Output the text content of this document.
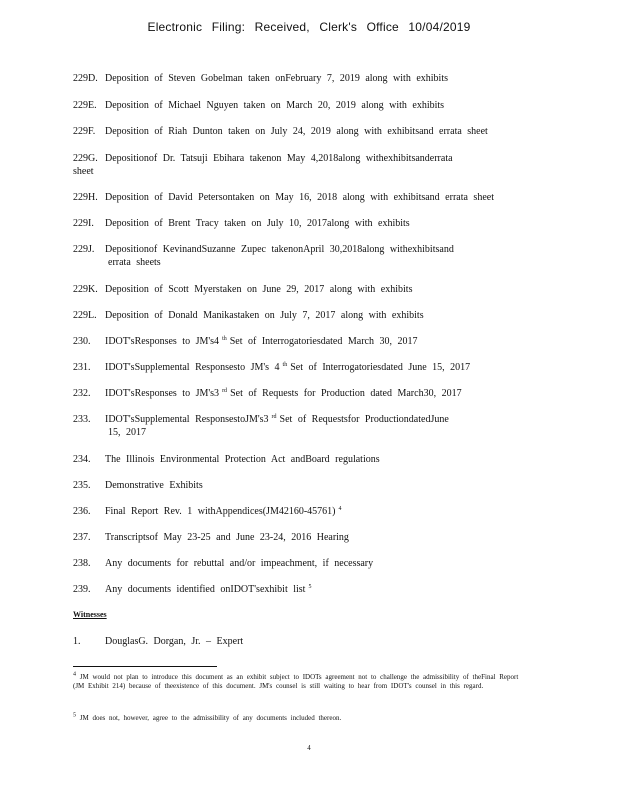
Electronic Filing: Received, Clerk's Office 10/04/2019
229D. Deposition of Steven Gobelman taken onFebruary 7, 2019 along with exhibits
229E. Deposition of Michael Nguyen taken on March 20, 2019 along with exhibits
229F. Deposition of Riah Dunton taken on July 24, 2019 along with exhibitsand errata sheet
229G. Depositionof Dr. Tatsuji Ebihara takenon May 4,2018along withexhibitsanderrata
sheet
229H. Deposition of David Petersontaken on May 16, 2018 along with exhibitsand errata sheet
229I. Deposition of Brent Tracy taken on July 10, 2017along with exhibits
229J. Depositionof KevinandSuzanne Zupec takenonApril 30,2018along withexhibitsand
errata sheets
229K. Deposition of Scott Myerstaken on June 29, 2017 along with exhibits
229L. Deposition of Donald Manikastaken on July 7, 2017 along with exhibits
230. IDOT'sResponses to JM's4 $^{th}$ Set of Interrogatoriesdated March 30, 2017
231. IDOT'sSupplemental Responsesto JM's 4 $^{th}$ Set of Interrogatoriesdated June 15, 2017
232. IDOT'sResponses to JM's3 $^{rd}$ Set of Requests for Production dated March30, 2017
233. IDOT'sSupplemental ResponsestoJM's3 $^{rd}$ Set of Requestsfor ProductiondatedJune
15, 2017
234. The Illinois Environmental Protection Act andBoard regulations
235. Demonstrative Exhibits
236. Final Report Rev. 1 withAppendices(JM42160-45761) $^4$
237. Transcriptsof May 23-25 and June 23-24, 2016 Hearing
238. Any documents for rebuttal and/or impeachment, if necessary
239. Any documents identified onIDOT'sexhibit list $^5$
Witnesses
1. DouglasG. Dorgan, Jr. – Expert
$^4$ JM would not plan to introduce this document as an exhibit subject to IDOTs agreement not to challenge the admissibility of theFinal Report (JM Exhibit 214) because of theexistence of this document. JM's counsel is still waiting to hear from IDOT's counsel in this regard.
$^5$ JM does not, however, agree to the admissibility of any documents included thereon.
4
